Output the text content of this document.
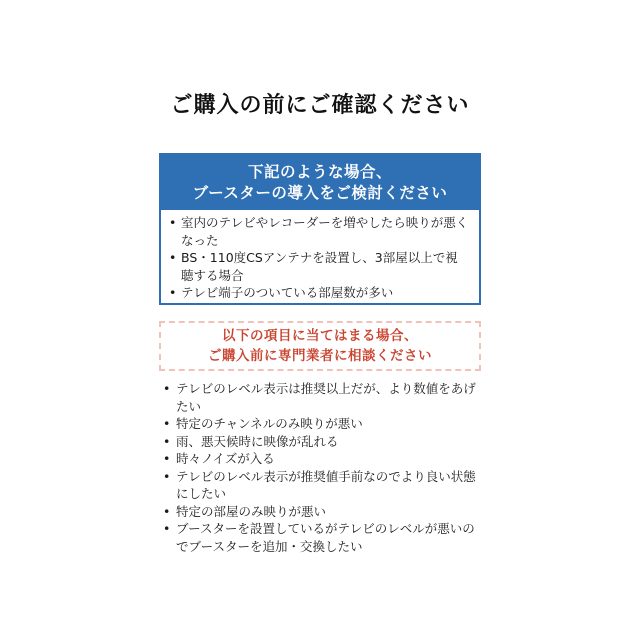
ご購入の前にご確認ください
下記のような場合、
ブースターの導入をご検討ください
• 室内のテレビやレコーダーを増やしたら映りが悪くなった
• BS・110度CSアンテナを設置し、3部屋以上で視聴する場合
• テレビ端子のついている部屋数が多い
以下の項目に当てはまる場合、
ご購入前に専門業者に相談ください
• テレビのレベル表示は推奨以上だが、より数値をあげたい
• 特定のチャンネルのみ映りが悪い
• 雨、悪天候時に映像が乱れる
• 時々ノイズが入る
• テレビのレベル表示が推奨値手前なのでより良い状態にしたい
• 特定の部屋のみ映りが悪い
• ブースターを設置しているがテレビのレベルが悪いのでブースターを追加・交換したい
